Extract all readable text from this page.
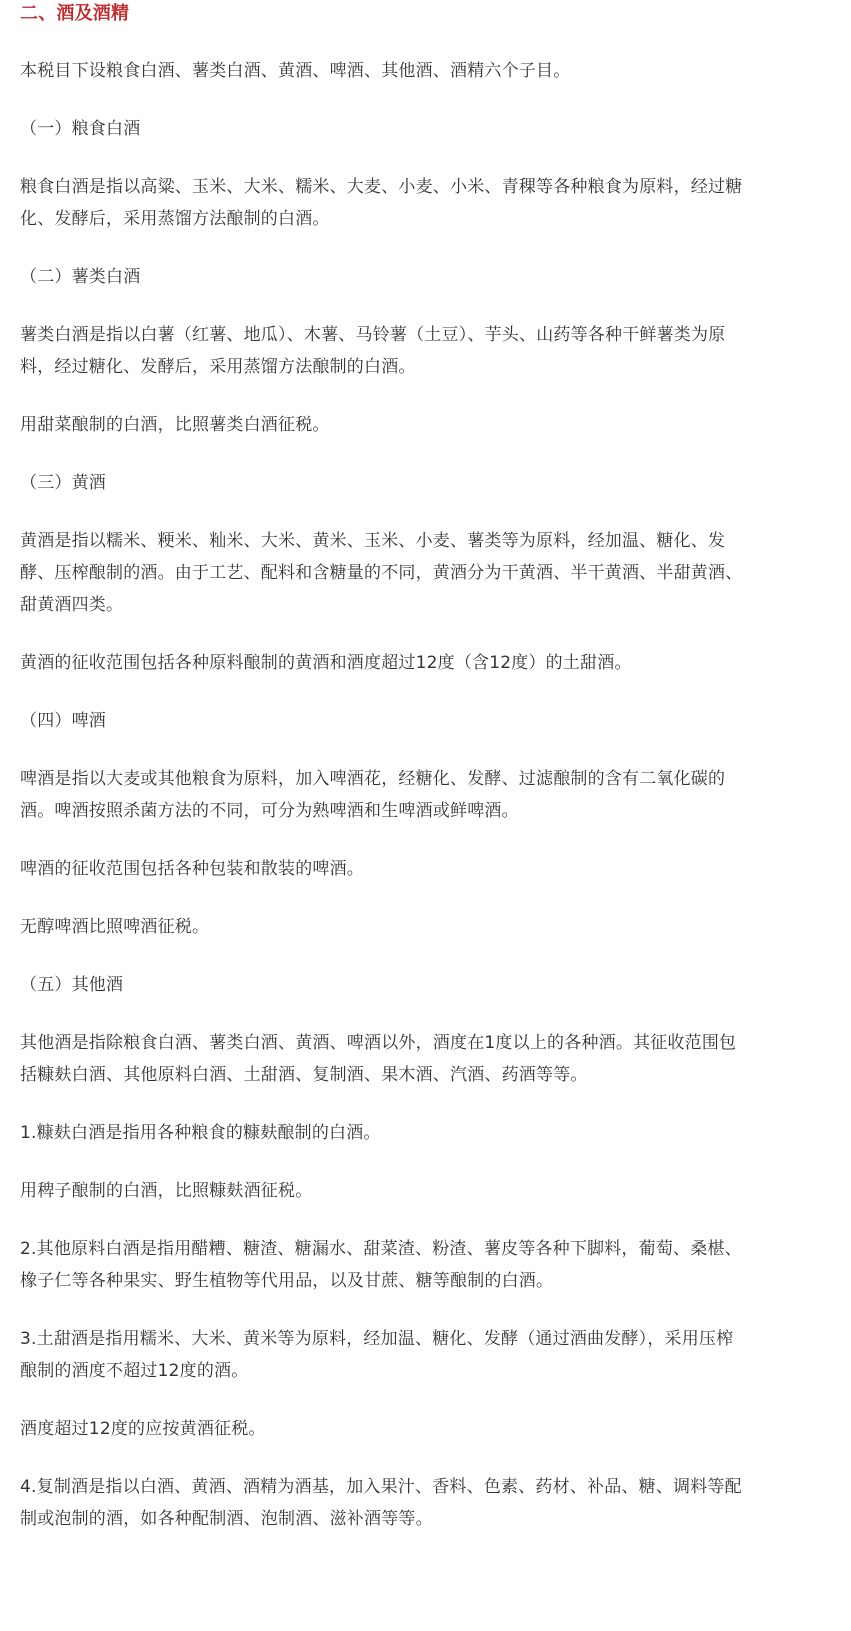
二、酒及酒精
本税目下设粮食白酒、薯类白酒、黄酒、啤酒、其他酒、酒精六个子目。
（一）粮食白酒
粮食白酒是指以高粱、玉米、大米、糯米、大麦、小麦、小米、青稞等各种粮食为原料，经过糖
化、发酵后，采用蒸馏方法酿制的白酒。
（二）薯类白酒
薯类白酒是指以白薯（红薯、地瓜）、木薯、马铃薯（土豆）、芋头、山药等各种干鲜薯类为原
料，经过糖化、发酵后，采用蒸馏方法酿制的白酒。
用甜菜酿制的白酒，比照薯类白酒征税。
（三）黄酒
黄酒是指以糯米、粳米、籼米、大米、黄米、玉米、小麦、薯类等为原料，经加温、糖化、发
酵、压榨酿制的酒。由于工艺、配料和含糖量的不同，黄酒分为干黄酒、半干黄酒、半甜黄酒、
甜黄酒四类。
黄酒的征收范围包括各种原料酿制的黄酒和酒度超过12度（含12度）的土甜酒。
（四）啤酒
啤酒是指以大麦或其他粮食为原料，加入啤酒花，经糖化、发酵、过滤酿制的含有二氧化碳的
酒。啤酒按照杀菌方法的不同，可分为熟啤酒和生啤酒或鲜啤酒。
啤酒的征收范围包括各种包装和散装的啤酒。
无醇啤酒比照啤酒征税。
（五）其他酒
其他酒是指除粮食白酒、薯类白酒、黄酒、啤酒以外，酒度在1度以上的各种酒。其征收范围包
括糠麸白酒、其他原料白酒、土甜酒、复制酒、果木酒、汽酒、药酒等等。
1.糠麸白酒是指用各种粮食的糠麸酿制的白酒。
用稗子酿制的白酒，比照糠麸酒征税。
2.其他原料白酒是指用醋糟、糖渣、糖漏水、甜菜渣、粉渣、薯皮等各种下脚料，葡萄、桑椹、
橡子仁等各种果实、野生植物等代用品，以及甘蔗、糖等酿制的白酒。
3.土甜酒是指用糯米、大米、黄米等为原料，经加温、糖化、发酵（通过酒曲发酵），采用压榨
酿制的酒度不超过12度的酒。
酒度超过12度的应按黄酒征税。
4.复制酒是指以白酒、黄酒、酒精为酒基，加入果汁、香料、色素、药材、补品、糖、调料等配
制或泡制的酒，如各种配制酒、泡制酒、滋补酒等等。
